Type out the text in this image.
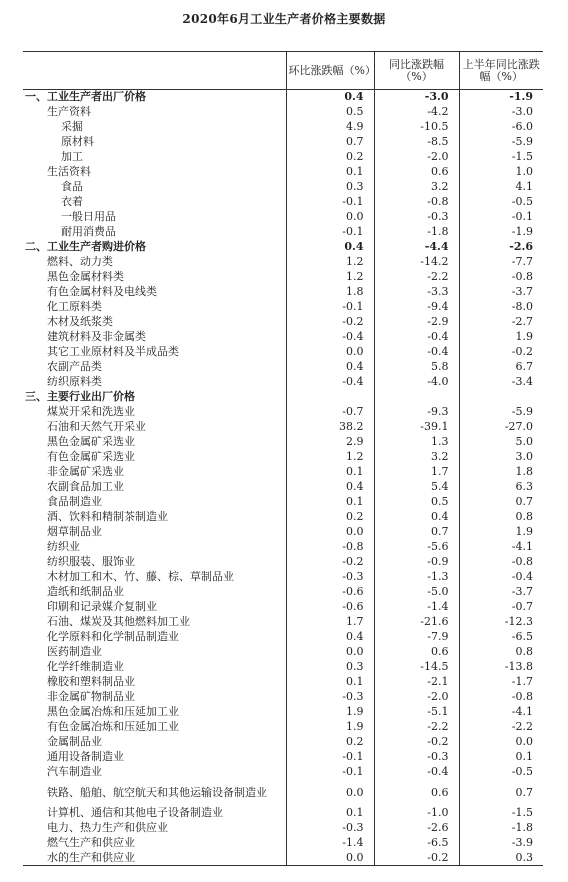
2020年6月工业生产者价格主要数据
	环比涨跌幅（%）	同比涨跌幅（%）	上半年同比涨跌幅（%）
一、工业生产者出厂价格	0.4	-3.0	-1.9
生产资料	0.5	-4.2	-3.0
采掘	4.9	-10.5	-6.0
原材料	0.7	-8.5	-5.9
加工	0.2	-2.0	-1.5
生活资料	0.1	0.6	1.0
食品	0.3	3.2	4.1
衣着	-0.1	-0.8	-0.5
一般日用品	0.0	-0.3	-0.1
耐用消费品	-0.1	-1.8	-1.9
二、工业生产者购进价格	0.4	-4.4	-2.6
燃料、动力类	1.2	-14.2	-7.7
黑色金属材料类	1.2	-2.2	-0.8
有色金属材料及电线类	1.8	-3.3	-3.7
化工原料类	-0.1	-9.4	-8.0
木材及纸浆类	-0.2	-2.9	-2.7
建筑材料及非金属类	-0.4	-0.4	1.9
其它工业原材料及半成品类	0.0	-0.4	-0.2
农副产品类	0.4	5.8	6.7
纺织原料类	-0.4	-4.0	-3.4
三、主要行业出厂价格			
煤炭开采和洗选业	-0.7	-9.3	-5.9
石油和天然气开采业	38.2	-39.1	-27.0
黑色金属矿采选业	2.9	1.3	5.0
有色金属矿采选业	1.2	3.2	3.0
非金属矿采选业	0.1	1.7	1.8
农副食品加工业	0.4	5.4	6.3
食品制造业	0.1	0.5	0.7
酒、饮料和精制茶制造业	0.2	0.4	0.8
烟草制品业	0.0	0.7	1.9
纺织业	-0.8	-5.6	-4.1
纺织服装、服饰业	-0.2	-0.9	-0.8
木材加工和木、竹、藤、棕、草制品业	-0.3	-1.3	-0.4
造纸和纸制品业	-0.6	-5.0	-3.7
印刷和记录媒介复制业	-0.6	-1.4	-0.7
石油、煤炭及其他燃料加工业	1.7	-21.6	-12.3
化学原料和化学制品制造业	0.4	-7.9	-6.5
医药制造业	0.0	0.6	0.8
化学纤维制造业	0.3	-14.5	-13.8
橡胶和塑料制品业	0.1	-2.1	-1.7
非金属矿物制品业	-0.3	-2.0	-0.8
黑色金属冶炼和压延加工业	1.9	-5.1	-4.1
有色金属冶炼和压延加工业	1.9	-2.2	-2.2
金属制品业	0.2	-0.2	0.0
通用设备制造业	-0.1	-0.3	0.1
汽车制造业	-0.1	-0.4	-0.5
铁路、船舶、航空航天和其他运输设备制造业	0.0	0.6	0.7
计算机、通信和其他电子设备制造业	0.1	-1.0	-1.5
电力、热力生产和供应业	-0.3	-2.6	-1.8
燃气生产和供应业	-1.4	-6.5	-3.9
水的生产和供应业	0.0	-0.2	0.3
